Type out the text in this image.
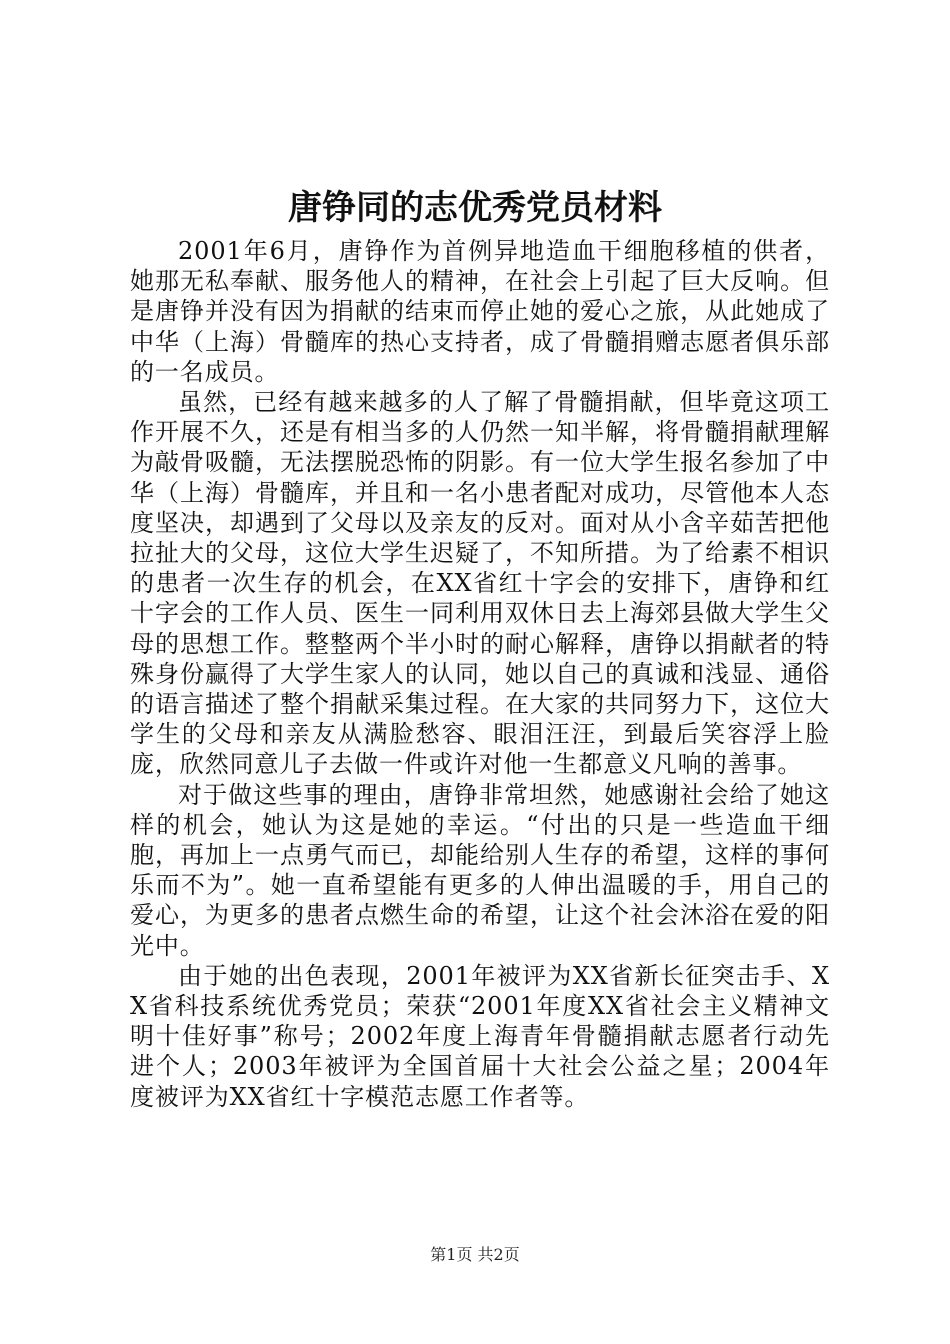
唐铮同的志优秀党员材料

2001年6月，唐铮作为首例异地造血干细胞移植的供者，她那无私奉献、服务他人的精神，在社会上引起了巨大反响。但是唐铮并没有因为捐献的结束而停止她的爱心之旅，从此她成了中华（上海）骨髓库的热心支持者，成了骨髓捐赠志愿者俱乐部的一名成员。

虽然，已经有越来越多的人了解了骨髓捐献，但毕竟这项工作开展不久，还是有相当多的人仍然一知半解，将骨髓捐献理解为敲骨吸髓，无法摆脱恐怖的阴影。有一位大学生报名参加了中华（上海）骨髓库，并且和一名小患者配对成功，尽管他本人态度坚决，却遇到了父母以及亲友的反对。面对从小含辛茹苦把他拉扯大的父母，这位大学生迟疑了，不知所措。为了给素不相识的患者一次生存的机会，在XX省红十字会的安排下，唐铮和红十字会的工作人员、医生一同利用双休日去上海郊县做大学生父母的思想工作。整整两个半小时的耐心解释，唐铮以捐献者的特殊身份赢得了大学生家人的认同，她以自己的真诚和浅显、通俗的语言描述了整个捐献采集过程。在大家的共同努力下，这位大学生的父母和亲友从满脸愁容、眼泪汪汪，到最后笑容浮上脸庞，欣然同意儿子去做一件或许对他一生都意义凡响的善事。

对于做这些事的理由，唐铮非常坦然，她感谢社会给了她这样的机会，她认为这是她的幸运。“付出的只是一些造血干细胞，再加上一点勇气而已，却能给别人生存的希望，这样的事何乐而不为”。她一直希望能有更多的人伸出温暖的手，用自己的爱心，为更多的患者点燃生命的希望，让这个社会沐浴在爱的阳光中。

由于她的出色表现，2001年被评为XX省新长征突击手、XX省科技系统优秀党员；荣获“2001年度XX省社会主义精神文明十佳好事”称号；2002年度上海青年骨髓捐献志愿者行动先进个人；2003年被评为全国首届十大社会公益之星；2004年度被评为XX省红十字模范志愿工作者等。

第1页 共2页
